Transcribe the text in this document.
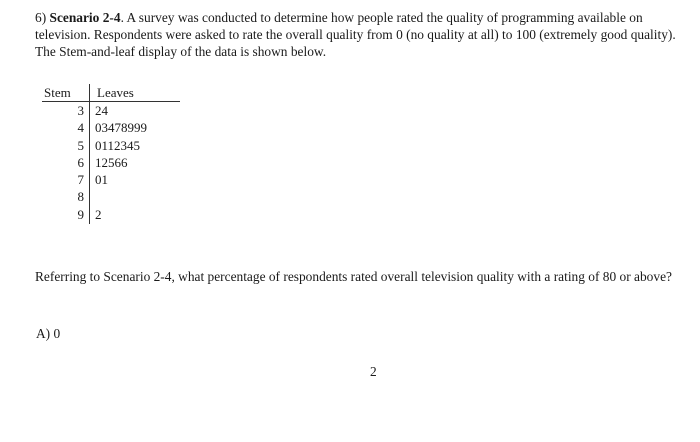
6) Scenario 2-4. A survey was conducted to determine how people rated the quality of programming available on television. Respondents were asked to rate the overall quality from 0 (no quality at all) to 100 (extremely good quality). The Stem-and-leaf display of the data is shown below.
Stem Leaves
3 24
4 03478999
5 0112345
6 12566
7 01
8
9 2
Referring to Scenario 2-4, what percentage of respondents rated overall television quality with a rating of 80 or above?
A) 0
2
